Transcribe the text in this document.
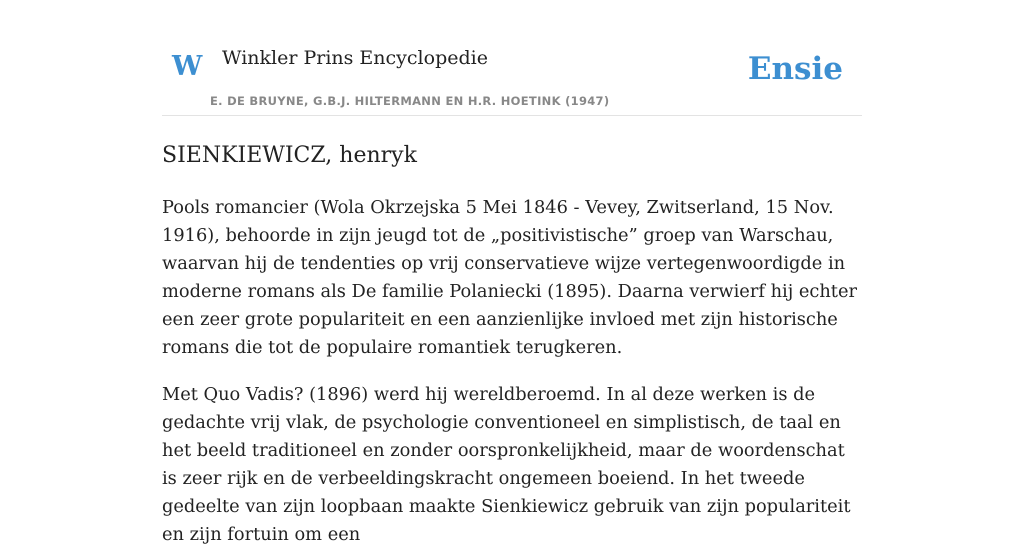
W Winkler Prins Encyclopedie	Ensie
E. DE BRUYNE, G.B.J. HILTERMANN EN H.R. HOETINK (1947)
SIENKIEWICZ, henryk

Pools romancier (Wola Okrzejska 5 Mei 1846 - Vevey, Zwitserland, 15 Nov. 1916), behoorde in zijn jeugd tot de „positivistische” groep van Warschau, waarvan hij de tendenties op vrij conservatieve wijze vertegenwoordigde in moderne romans als De familie Polaniecki (1895). Daarna verwierf hij echter een zeer grote populariteit en een aanzienlijke invloed met zijn historische romans die tot de populaire romantiek terugkeren.

Met Quo Vadis? (1896) werd hij wereldberoemd. In al deze werken is de gedachte vrij vlak, de psychologie conventioneel en simplistisch, de taal en het beeld traditioneel en zonder oorspronkelijkheid, maar de woordenschat is zeer rijk en de verbeeldingskracht ongemeen boeiend. In het tweede gedeelte van zijn loopbaan maakte Sienkiewicz gebruik van zijn populariteit en zijn fortuin om een
